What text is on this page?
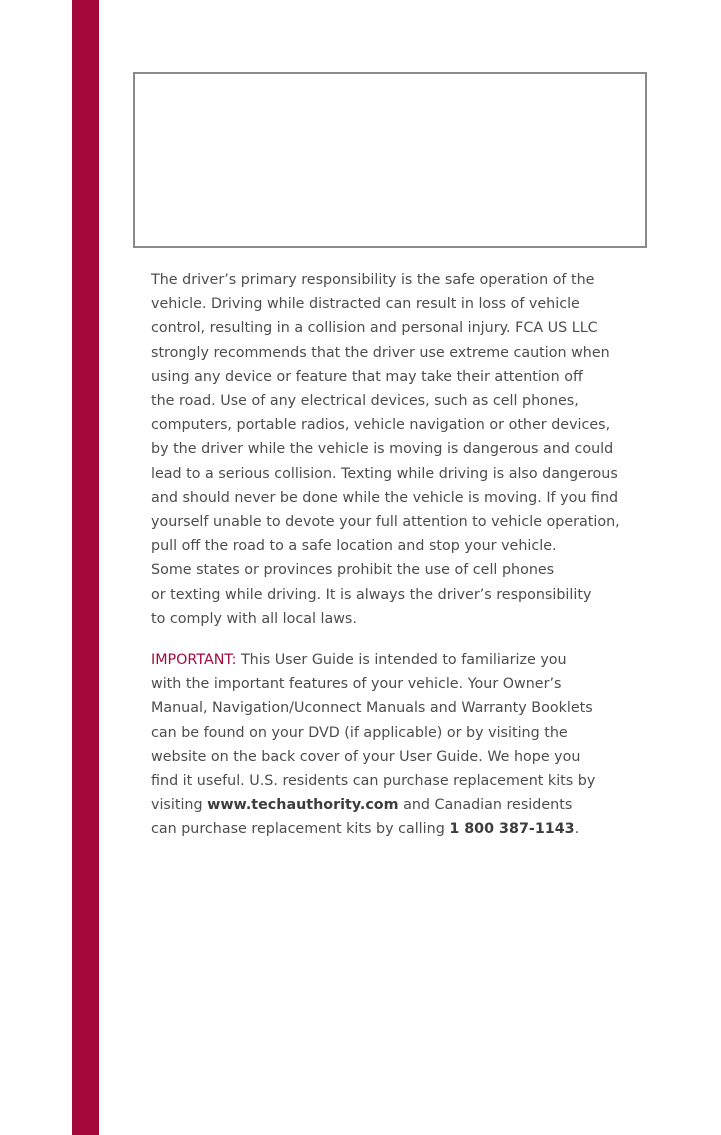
The driver’s primary responsibility is the safe operation of the
vehicle. Driving while distracted can result in loss of vehicle
control, resulting in a collision and personal injury. FCA US LLC
strongly recommends that the driver use extreme caution when
using any device or feature that may take their attention off
the road. Use of any electrical devices, such as cell phones,
computers, portable radios, vehicle navigation or other devices,
by the driver while the vehicle is moving is dangerous and could
lead to a serious collision. Texting while driving is also dangerous
and should never be done while the vehicle is moving. If you find
yourself unable to devote your full attention to vehicle operation,
pull off the road to a safe location and stop your vehicle.
Some states or provinces prohibit the use of cell phones
or texting while driving. It is always the driver’s responsibility
to comply with all local laws.
IMPORTANT: This User Guide is intended to familiarize you
with the important features of your vehicle. Your Owner’s
Manual, Navigation/Uconnect Manuals and Warranty Booklets
can be found on your DVD (if applicable) or by visiting the
website on the back cover of your User Guide. We hope you
find it useful. U.S. residents can purchase replacement kits by
visiting www.techauthority.com and Canadian residents
can purchase replacement kits by calling 1 800 387-1143.
